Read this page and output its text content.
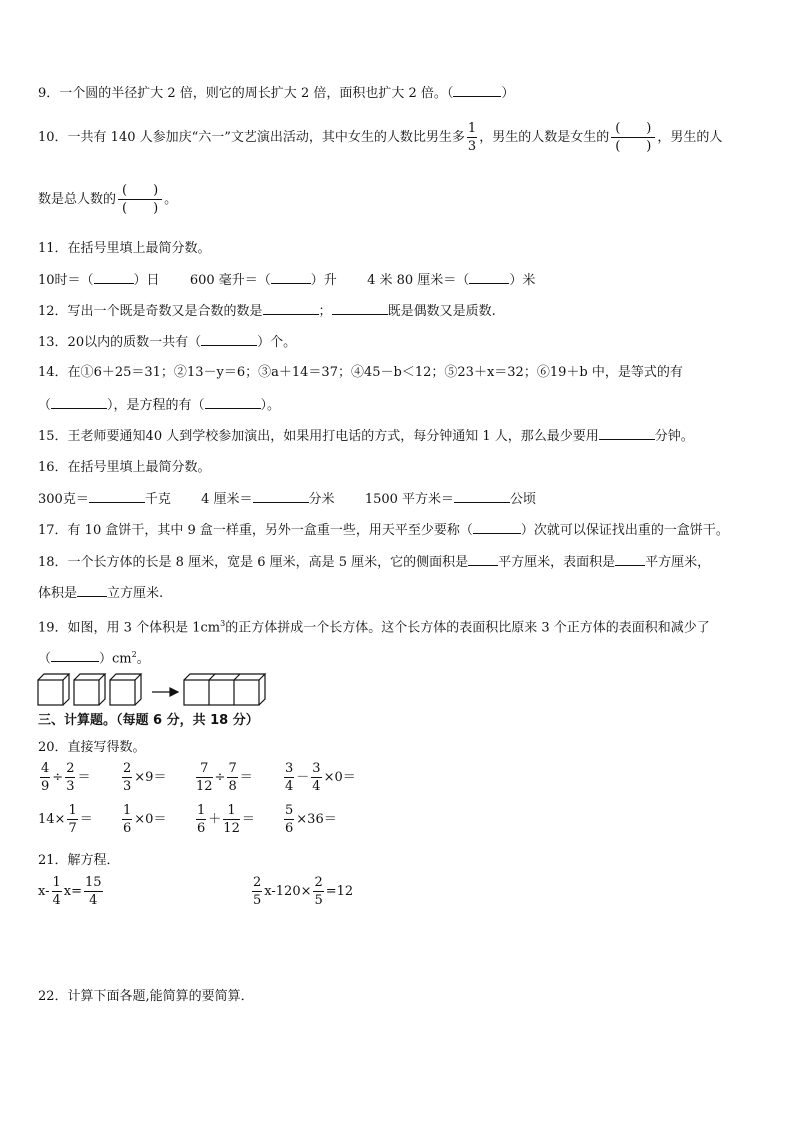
9．一个圆的半径扩大 2 倍，则它的周长扩大 2 倍，面积也扩大 2 倍。（	）
10．一共有 140 人参加庆“六一”文艺演出活动，其中女生的人数比男生多 $\frac{1}{3}$ ，男生的人数是女生的 $\frac{( )}{( )}$ ，男生的人
数是总人数的 $\frac{( )}{( )}$ 。
11．在括号里填上最简分数。
10时＝（	）日 600 毫升＝（	）升 4 米 80 厘米＝（	）米
12．写出一个既是奇数又是合数的数是	；	既是偶数又是质数.
13．20以内的质数一共有（	）个。
14．在①6＋25＝31；②13－y＝6；③a＋14＝37；④45－b＜12；⑤23＋x＝32；⑥19＋b 中，是等式的有
（	），是方程的有（	）。
15．王老师要通知40 人到学校参加演出，如果用打电话的方式，每分钟通知 1 人，那么最少要用	分钟。
16．在括号里填上最简分数。
300克＝	千克 4 厘米＝	分米 1500 平方米＝	公顷
17．有 10 盒饼干，其中 9 盒一样重，另外一盒重一些，用天平至少要称（	）次就可以保证找出重的一盒饼干。
18．一个长方体的长是 8 厘米，宽是 6 厘米，高是 5 厘米，它的侧面积是 平方厘米，表面积是 平方厘米，
体积是 立方厘米.
19．如图，用 3 个体积是 $1cm^3$的正方体拼成一个长方体。这个长方体的表面积比原来 3 个正方体的表面积和减少了
（	）$cm^2$。
三、计算题。（每题 6 分，共 18 分）
20．直接写得数。
$\frac{4}{9} \div \frac{2}{3} = \frac{2}{3} \times 9= \frac{7}{12} \div \frac{7}{8} = \frac{3}{4} - \frac{3}{4} \times 0=$
$14\times \frac{1}{7} = \frac{1}{6} \times 0= \frac{1}{6} + \frac{1}{12} = \frac{5}{6} \times 36=$
21．解方程．
$x- \frac{1}{4} x= \frac{15}{4}$	$\frac{2}{5} x-120\times \frac{2}{5} =12$
22．计算下面各题,能简算的要简算．
